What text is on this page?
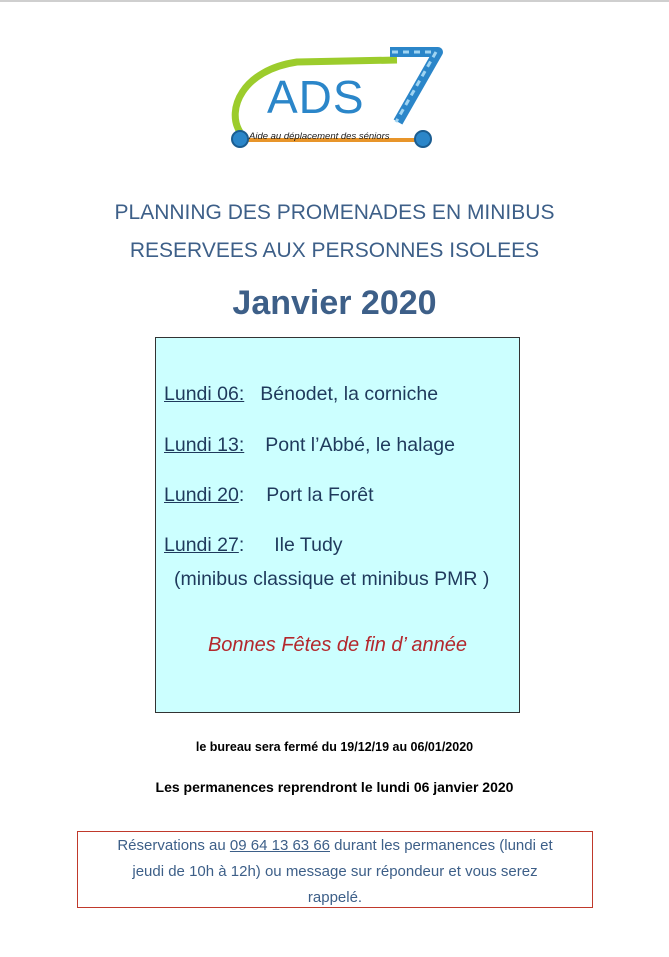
ADS
Aide au déplacement des séniors
PLANNING DES PROMENADES EN MINIBUS
RESERVEES AUX PERSONNES ISOLEES
Janvier 2020
Lundi 06: Bénodet, la corniche
Lundi 13: Pont l’Abbé, le halage
Lundi 20: Port la Forêt
Lundi 27: Ile Tudy
(minibus classique et minibus PMR )
Bonnes Fêtes de fin d’ année
le bureau sera fermé du 19/12/19 au 06/01/2020
Les permanences reprendront le lundi 06 janvier 2020
Réservations au 09 64 13 63 66 durant les permanences (lundi et
jeudi de 10h à 12h) ou message sur répondeur et vous serez
rappelé.
